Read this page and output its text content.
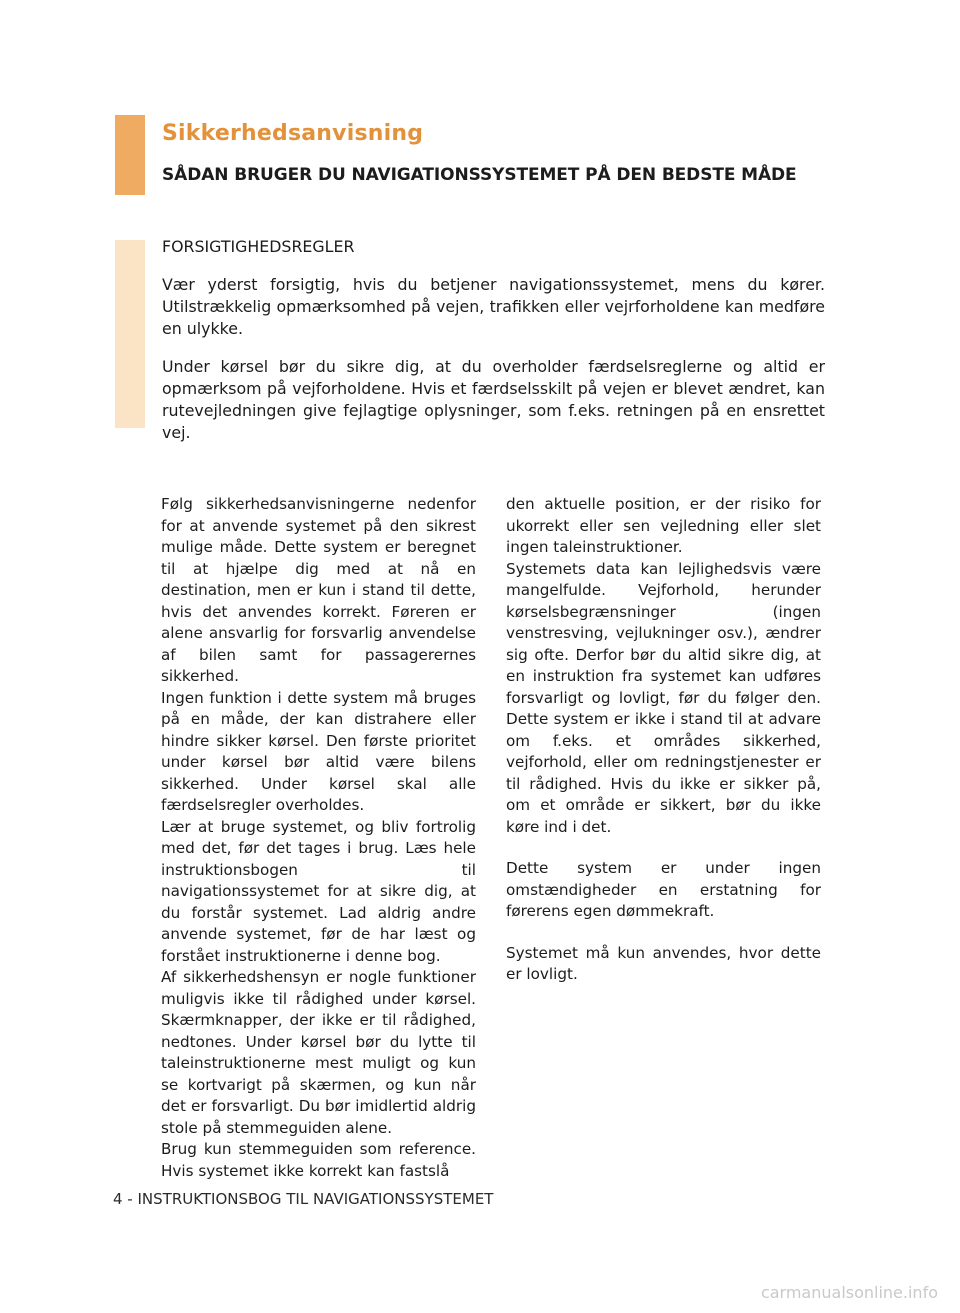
Sikkerhedsanvisning
SÅDAN BRUGER DU NAVIGATIONSSYSTEMET PÅ DEN BEDSTE MÅDE

FORSIGTIGHEDSREGLER

Vær yderst forsigtig, hvis du betjener navigationssystemet, mens du kører. Utilstrækkelig opmærksomhed på vejen, trafikken eller vejrforholdene kan medføre en ulykke.

Under kørsel bør du sikre dig, at du overholder færdselsreglerne og altid er opmærksom på vejforholdene. Hvis et færdselsskilt på vejen er blevet ændret, kan rutevejledningen give fejlagtige oplysninger, som f.eks. retningen på en ensrettet vej.

Følg sikkerhedsanvisningerne nedenfor for at anvende systemet på den sikrest mulige måde. Dette system er beregnet til at hjælpe dig med at nå en destination, men er kun i stand til dette, hvis det anvendes korrekt. Føreren er alene ansvarlig for forsvarlig anvendelse af bilen samt for passagerernes sikkerhed.

Ingen funktion i dette system må bruges på en måde, der kan distrahere eller hindre sikker kørsel. Den første prioritet under kørsel bør altid være bilens sikkerhed. Under kørsel skal alle færdselsregler overholdes.

Lær at bruge systemet, og bliv fortrolig med det, før det tages i brug. Læs hele instruktionsbogen til navigationssystemet for at sikre dig, at du forstår systemet. Lad aldrig andre anvende systemet, før de har læst og forstået instruktionerne i denne bog.

Af sikkerhedshensyn er nogle funktioner muligvis ikke til rådighed under kørsel. Skærmknapper, der ikke er til rådighed, nedtones. Under kørsel bør du lytte til taleinstruktionerne mest muligt og kun se kortvarigt på skærmen, og kun når det er forsvarligt. Du bør imidlertid aldrig stole på stemmeguiden alene.

Brug kun stemmeguiden som reference. Hvis systemet ikke korrekt kan fastslå

den aktuelle position, er der risiko for ukorrekt eller sen vejledning eller slet ingen taleinstruktioner.

Systemets data kan lejlighedsvis være mangelfulde. Vejforhold, herunder kørselsbegrænsninger (ingen venstresving, vejlukninger osv.), ændrer sig ofte. Derfor bør du altid sikre dig, at en instruktion fra systemet kan udføres forsvarligt og lovligt, før du følger den. Dette system er ikke i stand til at advare om f.eks. et områdes sikkerhed, vejforhold, eller om redningstjenester er til rådighed. Hvis du ikke er sikker på, om et område er sikkert, bør du ikke køre ind i det.

Dette system er under ingen omstændigheder en erstatning for førerens egen dømmekraft.

Systemet må kun anvendes, hvor dette er lovligt.

4 - INSTRUKTIONSBOG TIL NAVIGATIONSSYSTEMET
carmanualsonline.info
